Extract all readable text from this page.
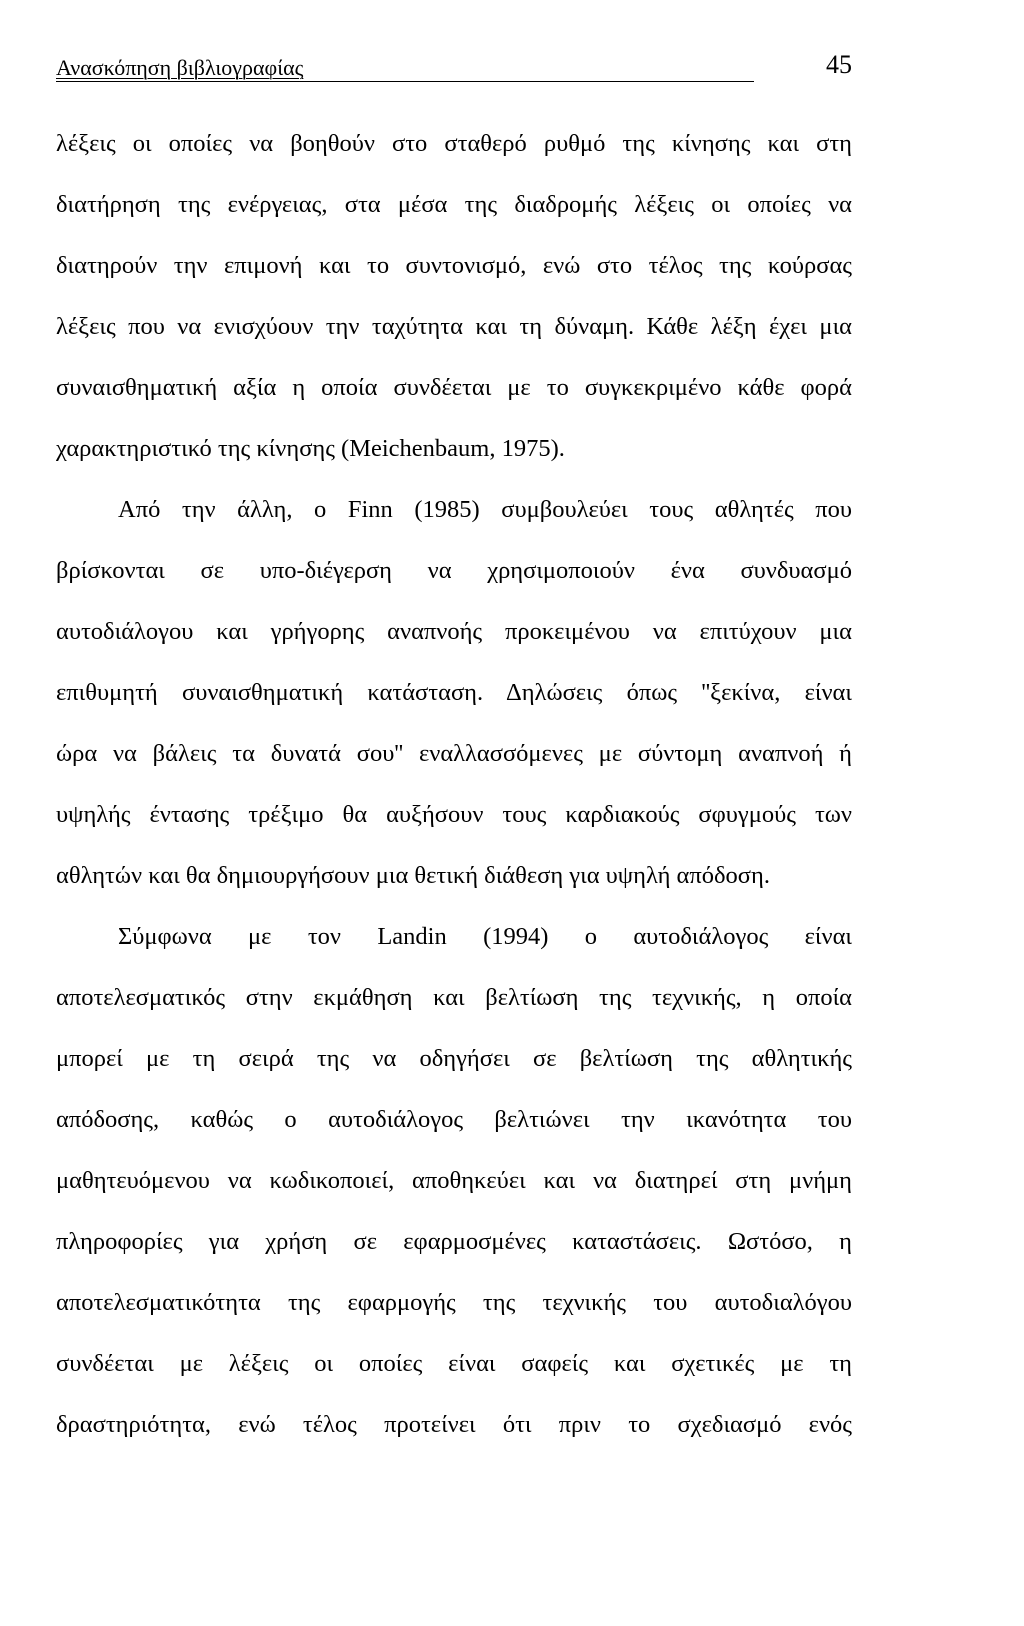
Ανασκόπηση βιβλιογραφίας	45
λέξεις οι οποίες να βοηθούν στο σταθερό ρυθμό της κίνησης και στη
διατήρηση της ενέργειας, στα μέσα της διαδρομής λέξεις οι οποίες να
διατηρούν την επιμονή και το συντονισμό, ενώ στο τέλος της κούρσας
λέξεις που να ενισχύουν την ταχύτητα και τη δύναμη. Κάθε λέξη έχει μια
συναισθηματική αξία η οποία συνδέεται με το συγκεκριμένο κάθε φορά
χαρακτηριστικό της κίνησης (Meichenbaum, 1975).
Από την άλλη, ο Finn (1985) συμβουλεύει τους αθλητές που
βρίσκονται σε υπο-διέγερση να χρησιμοποιούν ένα συνδυασμό
αυτοδιάλογου και γρήγορης αναπνοής προκειμένου να επιτύχουν μια
επιθυμητή συναισθηματική κατάσταση. Δηλώσεις όπως ''ξεκίνα, είναι
ώρα να βάλεις τα δυνατά σου'' εναλλασσόμενες με σύντομη αναπνοή ή
υψηλής έντασης τρέξιμο θα αυξήσουν τους καρδιακούς σφυγμούς των
αθλητών και θα δημιουργήσουν μια θετική διάθεση για υψηλή απόδοση.
Σύμφωνα με τον Landin (1994) ο αυτοδιάλογος είναι
αποτελεσματικός στην εκμάθηση και βελτίωση της τεχνικής, η οποία
μπορεί με τη σειρά της να οδηγήσει σε βελτίωση της αθλητικής
απόδοσης, καθώς ο αυτοδιάλογος βελτιώνει την ικανότητα του
μαθητευόμενου να κωδικοποιεί, αποθηκεύει και να διατηρεί στη μνήμη
πληροφορίες για χρήση σε εφαρμοσμένες καταστάσεις. Ωστόσο, η
αποτελεσματικότητα της εφαρμογής της τεχνικής του αυτοδιαλόγου
συνδέεται με λέξεις οι οποίες είναι σαφείς και σχετικές με τη
δραστηριότητα, ενώ τέλος προτείνει ότι πριν το σχεδιασμό ενός
